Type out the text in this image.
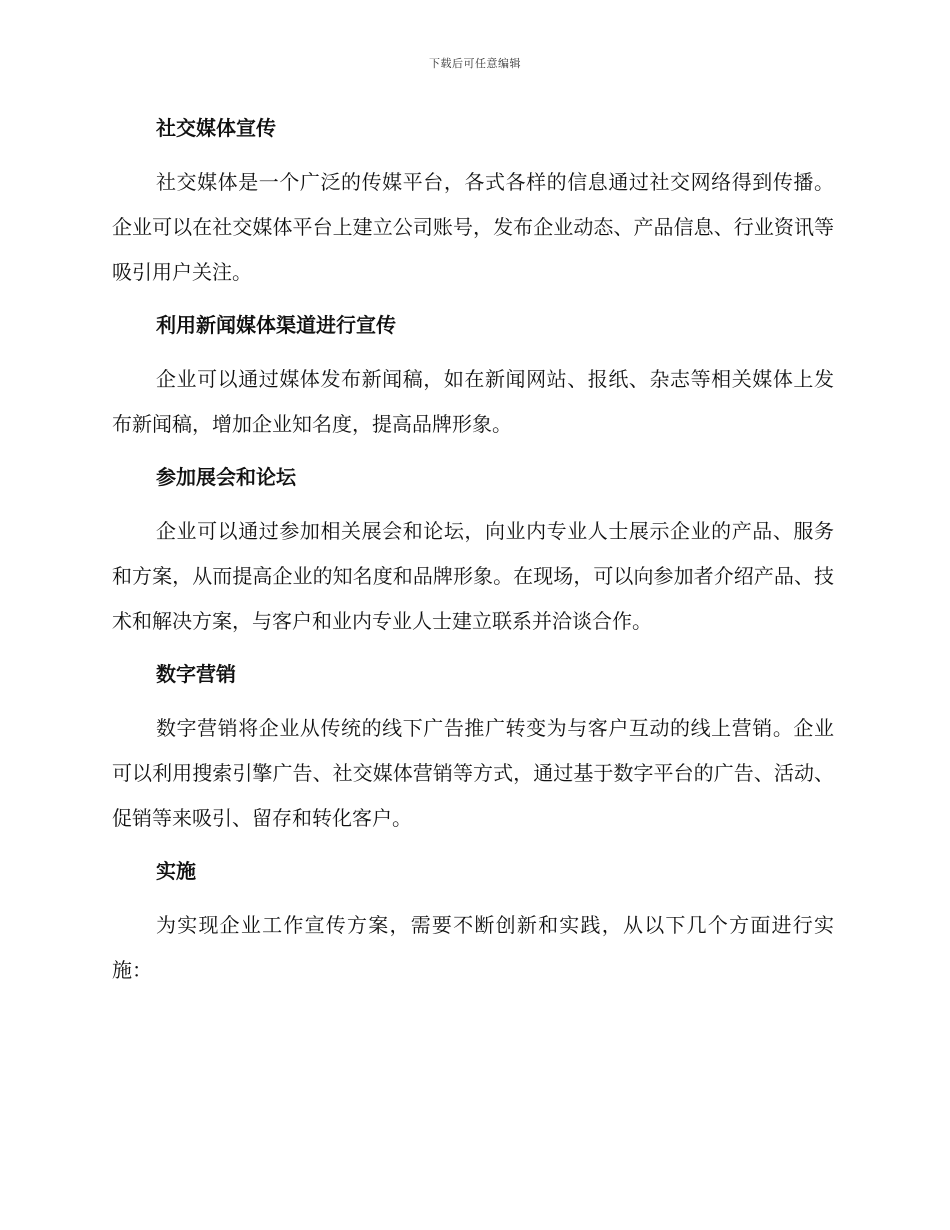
下载后可任意编辑
社交媒体宣传

社交媒体是一个广泛的传媒平台，各式各样的信息通过社交网络得到传播。企业可以在社交媒体平台上建立公司账号，发布企业动态、产品信息、行业资讯等吸引用户关注。

利用新闻媒体渠道进行宣传

企业可以通过媒体发布新闻稿，如在新闻网站、报纸、杂志等相关媒体上发布新闻稿，增加企业知名度，提高品牌形象。

参加展会和论坛

企业可以通过参加相关展会和论坛，向业内专业人士展示企业的产品、服务和方案，从而提高企业的知名度和品牌形象。在现场，可以向参加者介绍产品、技术和解决方案，与客户和业内专业人士建立联系并洽谈合作。

数字营销

数字营销将企业从传统的线下广告推广转变为与客户互动的线上营销。企业可以利用搜索引擎广告、社交媒体营销等方式，通过基于数字平台的广告、活动、促销等来吸引、留存和转化客户。

实施

为实现企业工作宣传方案，需要不断创新和实践，从以下几个方面进行实施：
